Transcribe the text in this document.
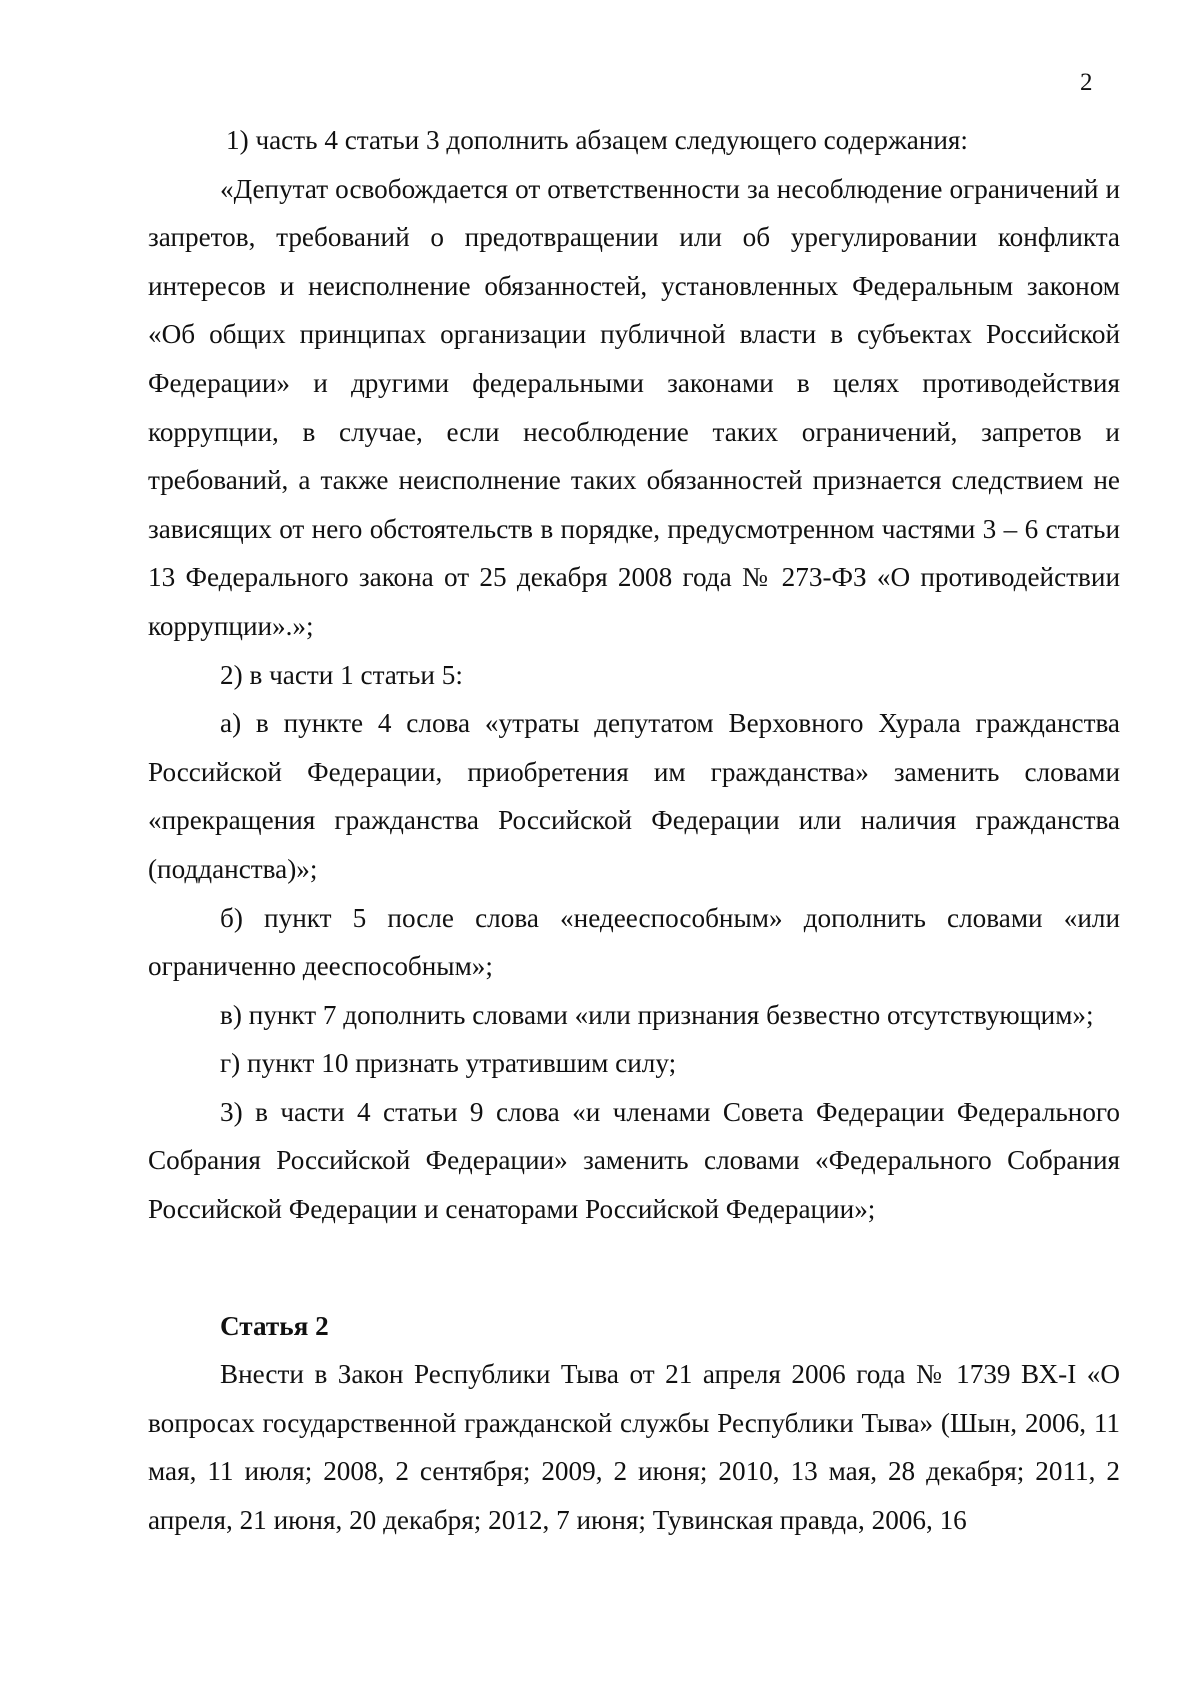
2

1) часть 4 статьи 3 дополнить абзацем следующего содержания:

«Депутат освобождается от ответственности за несоблюдение ограничений и запретов, требований о предотвращении или об урегулировании конфликта интересов и неисполнение обязанностей, установленных Федеральным законом «Об общих принципах организации публичной власти в субъектах Российской Федерации» и другими федеральными законами в целях противодействия коррупции, в случае, если несоблюдение таких ограничений, запретов и требований, а также неисполнение таких обязанностей признается следствием не зависящих от него обстоятельств в порядке, предусмотренном частями 3 – 6 статьи 13 Федерального закона от 25 декабря 2008 года № 273-ФЗ «О противодействии коррупции».»;

2) в части 1 статьи 5:

а) в пункте 4 слова «утраты депутатом Верховного Хурала гражданства Российской Федерации, приобретения им гражданства» заменить словами «прекращения гражданства Российской Федерации или наличия гражданства (подданства)»;

б) пункт 5 после слова «недееспособным» дополнить словами «или ограниченно дееспособным»;

в) пункт 7 дополнить словами «или признания безвестно отсутствующим»;

г) пункт 10 признать утратившим силу;

3) в части 4 статьи 9 слова «и членами Совета Федерации Федерального Собрания Российской Федерации» заменить словами «Федерального Собрания Российской Федерации и сенаторами Российской Федерации»;

Статья 2

Внести в Закон Республики Тыва от 21 апреля 2006 года № 1739 ВХ-I «О вопросах государственной гражданской службы Республики Тыва» (Шын, 2006, 11 мая, 11 июля; 2008, 2 сентября; 2009, 2 июня; 2010, 13 мая, 28 декабря; 2011, 2 апреля, 21 июня, 20 декабря; 2012, 7 июня; Тувинская правда, 2006, 16
